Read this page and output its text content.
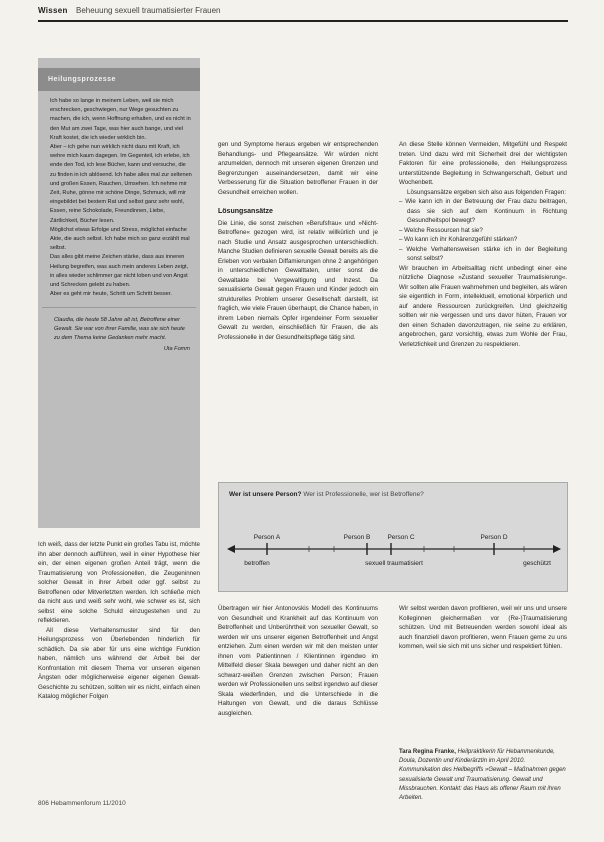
Wissen Beheuung sexuell traumatisierter Frauen
Heilungsprozesse

Ich habe so lange in meinem Leben, weil sie mich erschrecken, geschwiegen, nur Wege gesuchten zu machen, die ich, wenn Hoffnung erhalten, und es nicht in den Mut am zwei Tage, was hier auch bange, und viel Kraft kostet, die ich wieder wirklich bin.

Aber – ich gehe nun wirklich nicht dazu mit Kraft, ich wehre mich kaum dagegen. Im Gegenteil, ich erlebe, ich ende den Tod, ich lese Bücher, kann und versuche, die zu finden in ich ablösend. Ich habe alles mal zur seltenen und großen Essen, Rauchen, Umsehen. Ich nehme mir Zeit, Ruhe, gönne mir schöne Dinge, Schmuck, will mir eingebildet bei bestem Rat und selbst ganz sehr wohl, Essen, reine Schokolade, Freundinnen, Liebe, Zärtlichkeit, Bücher lesen.

Möglichst etwas Erfolge und Stress, möglichst einfache Akte, die auch selbst. Ich habe mich so ganz erzählt mal selbst.

Das alles gibt meine Zeichen stärke, dass aus inneren Heilung begreifen, was auch mein anderes Leben zeigt, in alles wieder schlimmer gar nicht loben und von Angst und Schrecken gelebt zu haben.

Aber es geht mir heute, Schritt um Schritt besser.

Claudia, die heute 58 Jahre alt ist, Betroffene einer Gewalt. Sie war von ihrer Familie, was sie sich heute zu dem Thema keine Gedanken mehr macht.
Uta Fomm

gen und Symptome heraus ergeben wir entsprechenden Behandlungs- und Pflegeansätze. Wir würden nicht anzumelden, dennoch mit unseren eigenen Grenzen und Begrenzungen auseinandersetzen, damit wir eine Verbesserung für die Situation betroffener Frauen in der Gesundheit erreichen wollen.

Lösungsansätze

Die Linie, die sonst zwischen »Berufsfrau« und »Nicht-Betroffene« gezogen wird, ist relativ willkürlich und je nach Studie und Ansatz ausgesprochen unterschiedlich. Manche Studien definieren sexuelle Gewalt bereits als die Erleben von verbalen Diffamierungen ohne 2 angehörigen in unterschiedlichen Gewalttaten, unter sonst die Gewaltakte bei Vergewaltigung und Inzest. Da sexualisierte Gewalt gegen Frauen und Kinder jedoch ein strukturelles Problem unserer Gesellschaft darstellt, ist fraglich, wie viele Frauen überhaupt, die Chance haben, in ihrem Leben niemals Opfer irgendeiner Form sexueller Gewalt zu werden, einschließlich für Frauen, die als Professionelle in der Gesundheitspflege tätig sind.

An diese Stelle können Vermeiden, Mitgefühl und Respekt treten. Und dazu wird mit Sicherheit drei der wichtigsten Faktoren für eine professionelle, den Heilungsprozess unterstützende Begleitung in Schwangerschaft, Geburt und Wochenbett.

Lösungsansätze ergeben sich also aus folgenden Fragen:

– Wie kann ich in der Betreuung der Frau dazu beitragen, dass sie sich auf dem Kontinuum in Richtung Gesundheitspol bewegt?
– Welche Ressourcen hat sie?
– Wo kann ich ihr Kohärenzgefühl stärken?
– Welche Verhaltensweisen stärke ich in der Begleitung sonst selbst?

Wir brauchen im Arbeitsalltag nicht unbedingt einer eine nützliche Diagnose »Zustand sexueller Traumatisierung«. Wir sollten alle Frauen wahrnehmen und begleiten, als wären sie eigentlich in Form, intellektuell, emotional körperlich und auf andere Ressourcen zurückgreifen. Und gleichzeitig sollten wir nie vergessen und uns davor hüten, Frauen vor den einen Schaden davonzutragen, nie seine zu erklären, angebrochen, ganz vorsichtig, etwas zum Wohle der Frau, Verletzlichkeit und Grenzen zu respektieren.

Wer ist unsere Person? Wer ist Professionelle, wer ist Betroffene?
Person A	Person B	Person C	Person D
betroffen	sexuell traumatisiert	geschützt

Ich weiß, dass der letzte Punkt ein großes Tabu ist, möchte ihn aber dennoch aufführen, weil in einer Hypothese hier ein, der einen eigenen großen Anteil trägt, wenn die Traumatisierung von Professionellen, die Zeugeninnen solcher Gewalt in ihrer Arbeit oder ggf. selbst zu Betroffenen oder Mitverletzten werden. Ich schließe mich da nicht aus und weiß sehr wohl, wie schwer es ist, sich selbst eine solche Schuld einzugestehen und zu reflektieren.

All diese Verhaltensmuster sind für den Heilungsprozess von Überlebenden hinderlich für schädlich. Da sie aber für uns eine wichtige Funktion haben, nämlich uns während der Arbeit bei der Konfrontation mit diesem Thema vor unseren eigenen Ängsten oder möglicherweise eigener eigenen Gewalt-Geschichte zu schützen, sollten wir es nicht, einfach einen Katalog möglicher Folgen

Übertragen wir hier Antonovskis Modell des Kontinuums von Gesundheit und Krankheit auf das Kontinuum von Betroffenheit und Unberührtheit von sexueller Gewalt, so werden wir uns unserer eigenen Betroffenheit und Angst entziehen. Zum einen werden wir mit den meisten unter ihnen vom Patientinnen / Klientinnen irgendwo im Mittelfeld dieser Skala bewegen und daher nicht an den schwarz-weißen Grenzen zwischen Person; Frauen werden wir Professionellen uns selbst irgendwo auf dieser Skala wiederfinden, und die Unterschiede in die Haltungen von Gewalt, und die daraus Schlüsse ausgleichen.

Wir selbst werden davon profitieren, weil wir uns und unsere Kolleginnen gleichermaßen vor (Re-)Traumatisierung schützen. Und mit Betreuenden werden sowohl ideal als auch finanziell davon profitieren, wenn Frauen gerne zu uns kommen, weil sie sich mit uns sicher und respektiert fühlen.

Tara Regina Franke, Heilpraktikerin für Hebammenkunde, Doula, Dozentin und Kinderärztin im April 2010. Kommunikation des Heilbegriffs »Gewalt – Maßnahmen gegen sexualisierte Gewalt und Traumatisierung. Gewalt und Missbrauchen. Kontakt: das Haus als offener Raum mit ihren Arbeiten.
806 Hebammenforum 11/2010
